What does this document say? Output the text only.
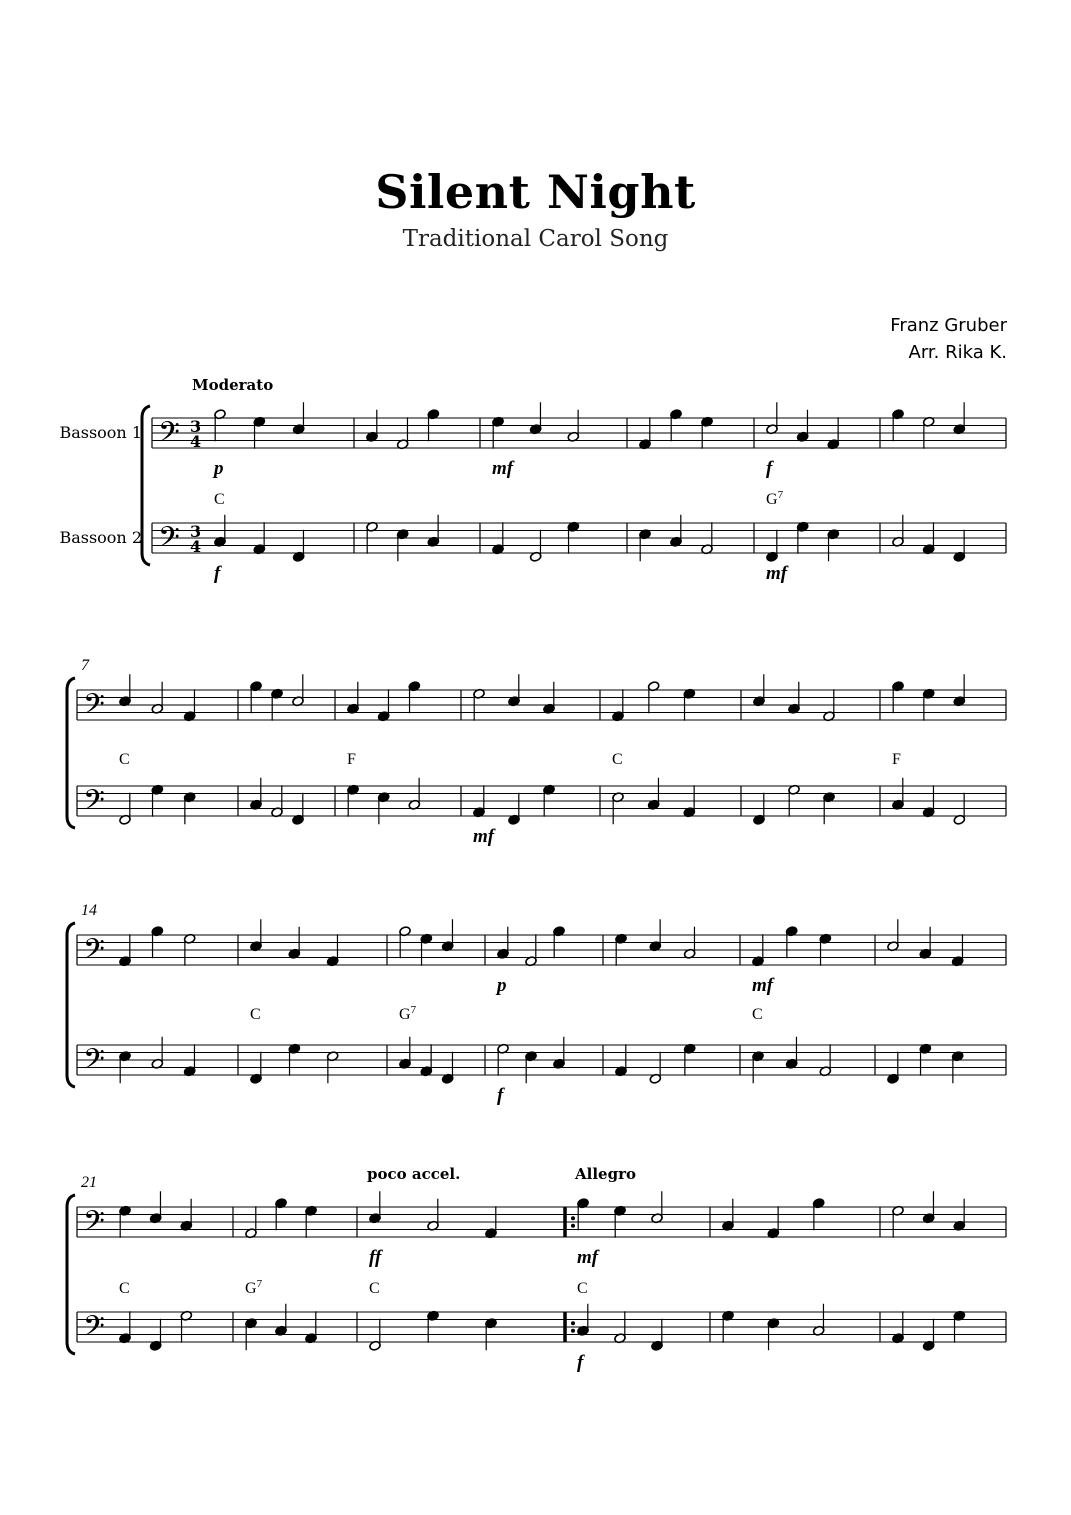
Silent Night
Traditional Carol Song
Franz Gruber
Arr. Rika K.
𝄢
𝄢
3
4
3
4
Bassoon 1
Bassoon 2
Moderato
C
p
f
mf
$G^7$
f
mf
𝄢
𝄢
7
C	F
mf
C	F
𝄢
𝄢
14
C	$G^7$
p
f
C
mf
𝄢
𝄢
21	poco accel.	Allegro
C	$G^7$	C
ff
C
mf
f
